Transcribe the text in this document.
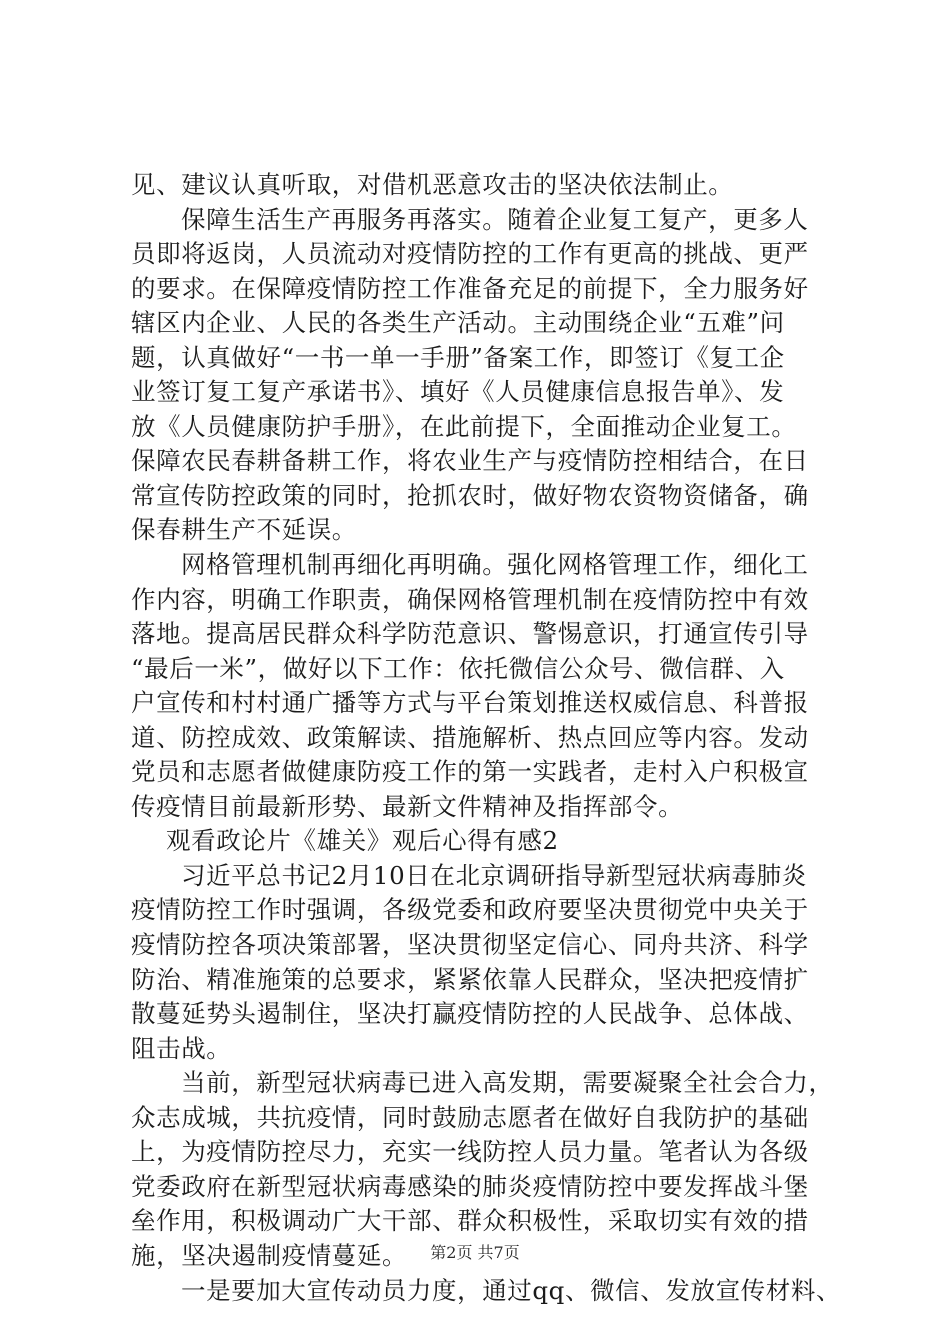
见、建议认真听取，对借机恶意攻击的坚决依法制止。
保障生活生产再服务再落实。随着企业复工复产，更多人
员即将返岗，人员流动对疫情防控的工作有更高的挑战、更严
的要求。在保障疫情防控工作准备充足的前提下，全力服务好
辖区内企业、人民的各类生产活动。主动围绕企业“五难”问
题，认真做好“一书一单一手册”备案工作，即签订《复工企
业签订复工复产承诺书》、填好《人员健康信息报告单》、发
放《人员健康防护手册》，在此前提下，全面推动企业复工。
保障农民春耕备耕工作，将农业生产与疫情防控相结合，在日
常宣传防控政策的同时，抢抓农时，做好物农资物资储备，确
保春耕生产不延误。
网格管理机制再细化再明确。强化网格管理工作，细化工
作内容，明确工作职责，确保网格管理机制在疫情防控中有效
落地。提高居民群众科学防范意识、警惕意识，打通宣传引导
“最后一米”，做好以下工作：依托微信公众号、微信群、入
户宣传和村村通广播等方式与平台策划推送权威信息、科普报
道、防控成效、政策解读、措施解析、热点回应等内容。发动
党员和志愿者做健康防疫工作的第一实践者，走村入户积极宣
传疫情目前最新形势、最新文件精神及指挥部令。
观看政论片《雄关》观后心得有感2
习近平总书记2月10日在北京调研指导新型冠状病毒肺炎
疫情防控工作时强调，各级党委和政府要坚决贯彻党中央关于
疫情防控各项决策部署，坚决贯彻坚定信心、同舟共济、科学
防治、精准施策的总要求，紧紧依靠人民群众，坚决把疫情扩
散蔓延势头遏制住，坚决打赢疫情防控的人民战争、总体战、
阻击战。
当前，新型冠状病毒已进入高发期，需要凝聚全社会合力，
众志成城，共抗疫情，同时鼓励志愿者在做好自我防护的基础
上，为疫情防控尽力，充实一线防控人员力量。笔者认为各级
党委政府在新型冠状病毒感染的肺炎疫情防控中要发挥战斗堡
垒作用，积极调动广大干部、群众积极性，采取切实有效的措
施，坚决遏制疫情蔓延。
一是要加大宣传动员力度，通过qq、微信、发放宣传材料、
第2页 共7页
